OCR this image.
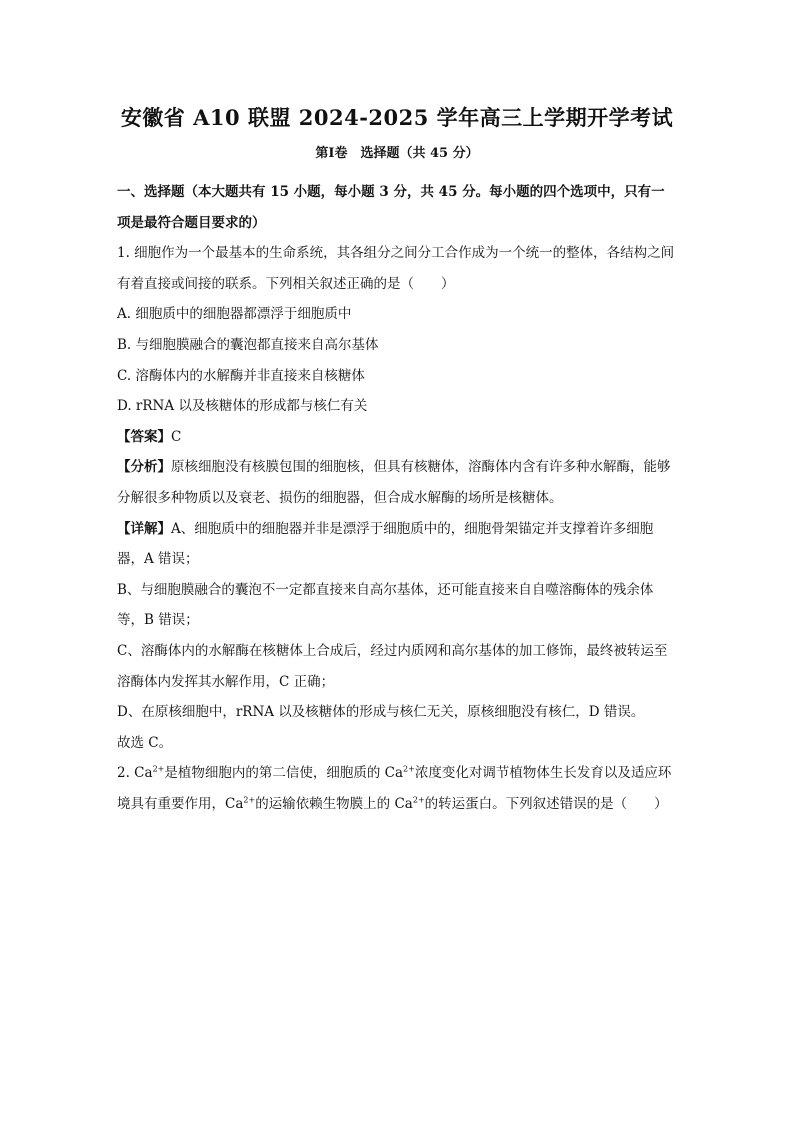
安徽省 A10 联盟 2024-2025 学年高三上学期开学考试
第Ⅰ卷　选择题（共 45 分）
一、选择题（本大题共有 15 小题，每小题 3 分，共 45 分。每小题的四个选项中，只有一项是最符合题目要求的）

1. 细胞作为一个最基本的生命系统，其各组分之间分工合作成为一个统一的整体，各结构之间有着直接或间接的联系。下列相关叙述正确的是（　　）

A. 细胞质中的细胞器都漂浮于细胞质中

B. 与细胞膜融合的囊泡都直接来自高尔基体

C. 溶酶体内的水解酶并非直接来自核糖体

D. rRNA 以及核糖体的形成都与核仁有关

【答案】C

【分析】原核细胞没有核膜包围的细胞核，但具有核糖体，溶酶体内含有许多种水解酶，能够分解很多种物质以及衰老、损伤的细胞器，但合成水解酶的场所是核糖体。

【详解】A、细胞质中的细胞器并非是漂浮于细胞质中的，细胞骨架锚定并支撑着许多细胞器，A 错误；

B、与细胞膜融合的囊泡不一定都直接来自高尔基体，还可能直接来自自噬溶酶体的残余体等，B 错误；

C、溶酶体内的水解酶在核糖体上合成后，经过内质网和高尔基体的加工修饰，最终被转运至溶酶体内发挥其水解作用，C 正确；

D、在原核细胞中，rRNA 以及核糖体的形成与核仁无关，原核细胞没有核仁，D 错误。

故选 C。

2. $Ca^{2+}$是植物细胞内的第二信使，细胞质的 $Ca^{2+}$浓度变化对调节植物体生长发育以及适应环境具有重要作用，$Ca^{2+}$的运输依赖生物膜上的 $Ca^{2+}$的转运蛋白。下列叙述错误的是（　　）
